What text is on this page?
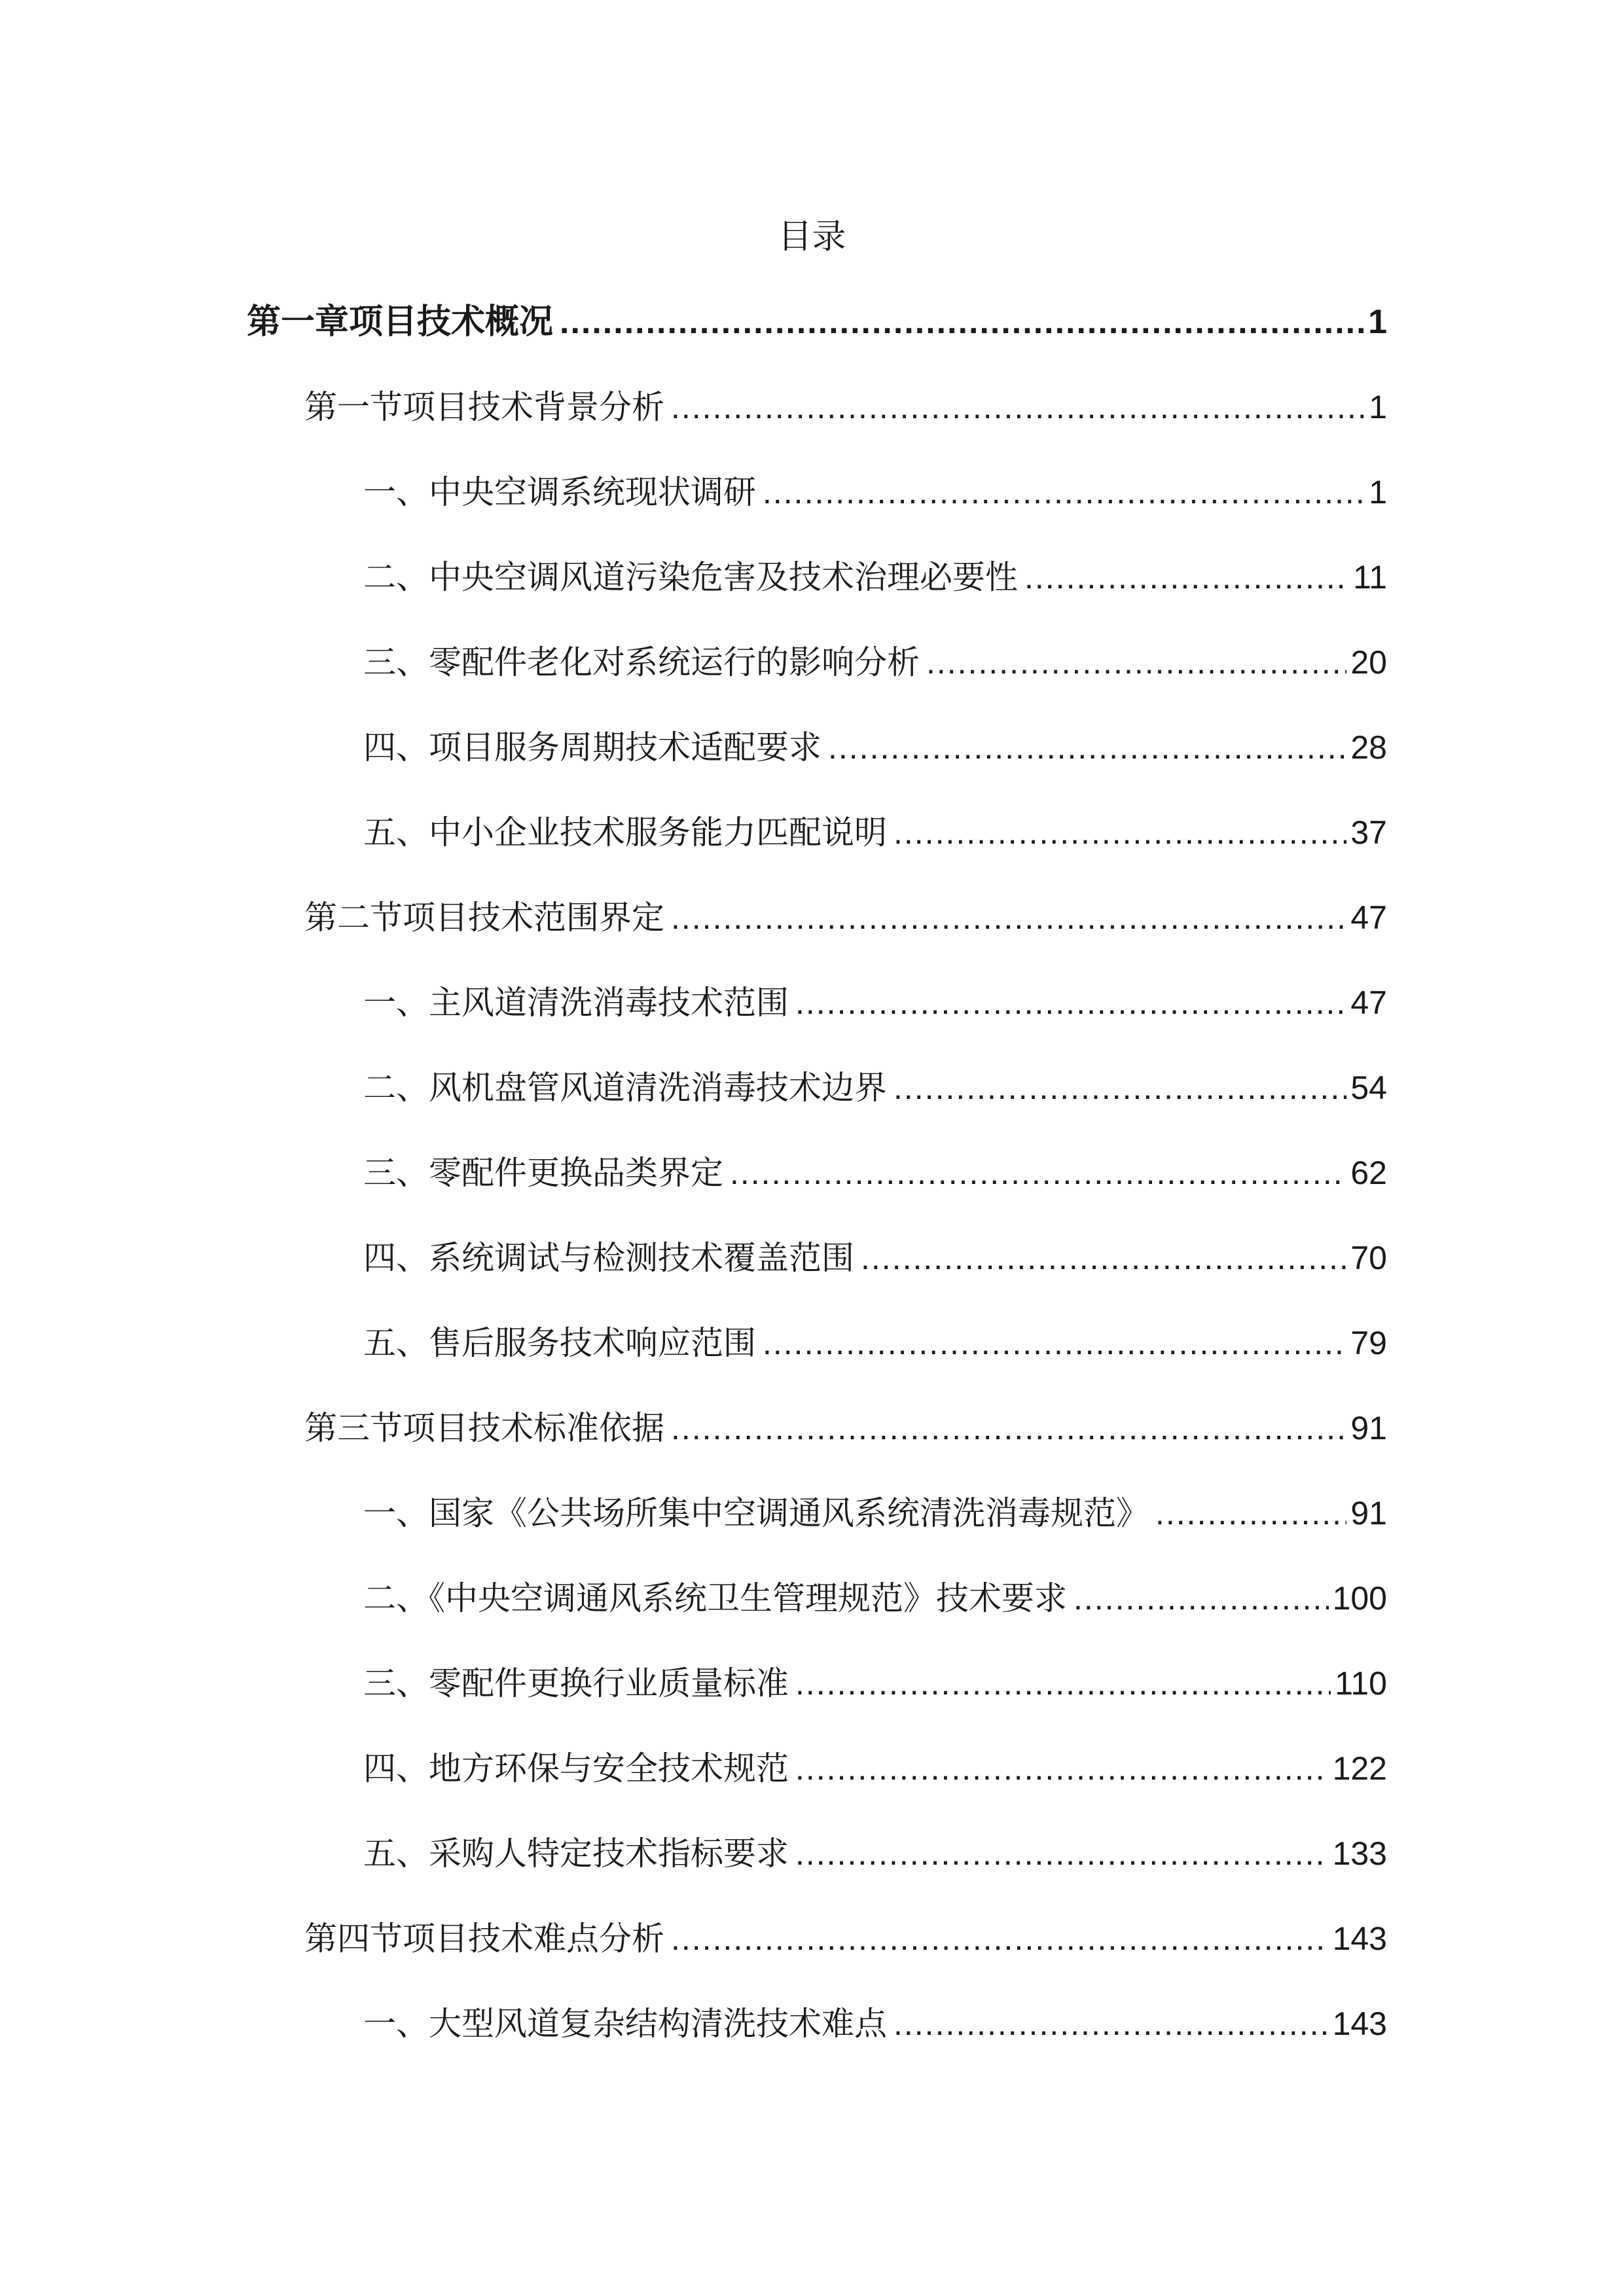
目录
第一章项目技术概况 .....	1
第一节项目技术背景分析 .....	1
一、中央空调系统现状调研 .....	1
二、中央空调风道污染危害及技术治理必要性 .....	11
三、零配件老化对系统运行的影响分析 .....	20
四、项目服务周期技术适配要求 .....	28
五、中小企业技术服务能力匹配说明 .....	37
第二节项目技术范围界定 .....	47
一、主风道清洗消毒技术范围 .....	47
二、风机盘管风道清洗消毒技术边界 .....	54
三、零配件更换品类界定 .....	62
四、系统调试与检测技术覆盖范围 .....	70
五、售后服务技术响应范围 .....	79
第三节项目技术标准依据 .....	91
一、国家《公共场所集中空调通风系统清洗消毒规范》 .....	91
二、《中央空调通风系统卫生管理规范》技术要求 .....	100
三、零配件更换行业质量标准 .....	110
四、地方环保与安全技术规范 .....	122
五、采购人特定技术指标要求 .....	133
第四节项目技术难点分析 .....	143
一、大型风道复杂结构清洗技术难点 .....	143
